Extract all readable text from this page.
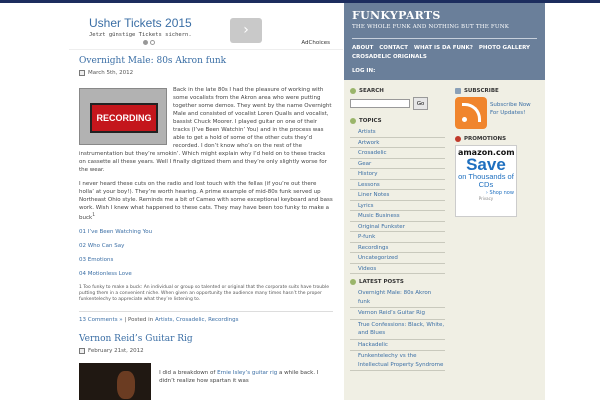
Usher Tickets 2015
Jetzt günstige Tickets sichern.	›
AdChoices
Overnight Male: 80s Akron funk
March 5th, 2012
RECORDING

Back in the late 80s I had the pleasure of working with some vocalists from the Akron area who were putting together some demos. They went by the name Overnight Male and consisted of vocalist Loren Qualls and vocalist, bassist Chuck Moorer. I played guitar on one of their tracks (I’ve Been Watchin’ You) and in the process was able to get a hold of some of the other cuts they’d recorded. I don’t know who’s on the rest of the instrumentation but they’re smokin’. Which might explain why I’d held on to these tracks on cassette all these years. Well I finally digitized them and they’re only slightly worse for the wear.

I never heard these cuts on the radio and lost touch with the fellas (if you’re out there holla’ at your boy!). They’re worth hearing. A prime example of mid-80s funk served up Northeast Ohio style. Reminds me a bit of Cameo with some exceptional keyboard and bass work. Wish I knew what happened to these cats. They may have been too funky to make a buck$^1$

01 I’ve Been Watching You
02 Who Can Say
03 Emotions
04 Motionless Love
1 Too funky to make a buck: An individual or group so talented or original that the corporate suits have trouble putting them in a convenient niche. When given an opportunity the audience many times hasn’t the proper funkentelechy to appreciate what they’re listening to.
13 Comments » | Posted in Artists, Crosadelic, Recordings
Vernon Reid’s Guitar Rig
February 21st, 2012
I did a breakdown of Ernie Isley’s guitar rig a while back. I didn’t realize how spartan it was
FUNKYPARTS
THE WHOLE FUNK AND NOTHING BUT THE FUNK
ABOUT CONTACT WHAT IS DA FUNK? PHOTO GALLERY
CROSADELIC ORIGINALS
LOG IN:
SEARCH
Go
TOPICS
Artists
Artwork
Crosadelic
Gear
History
Lessons
Liner Notes
Lyrics
Music Business
Original Funkster
P-funk
Recordings
Uncategorized
Videos
LATEST POSTS
Overnight Male: 80s Akron funk
Vernon Reid’s Guitar Rig
True Confessions: Black, White, and Blues
Hackadelic
Funkentelechy vs the Intellectual Property Syndrome
SUBSCRIBE
Subscribe Now For Updates!
PROMOTIONS
amazon.com
Save
on Thousands of CDs
› Shop now
Privacy
